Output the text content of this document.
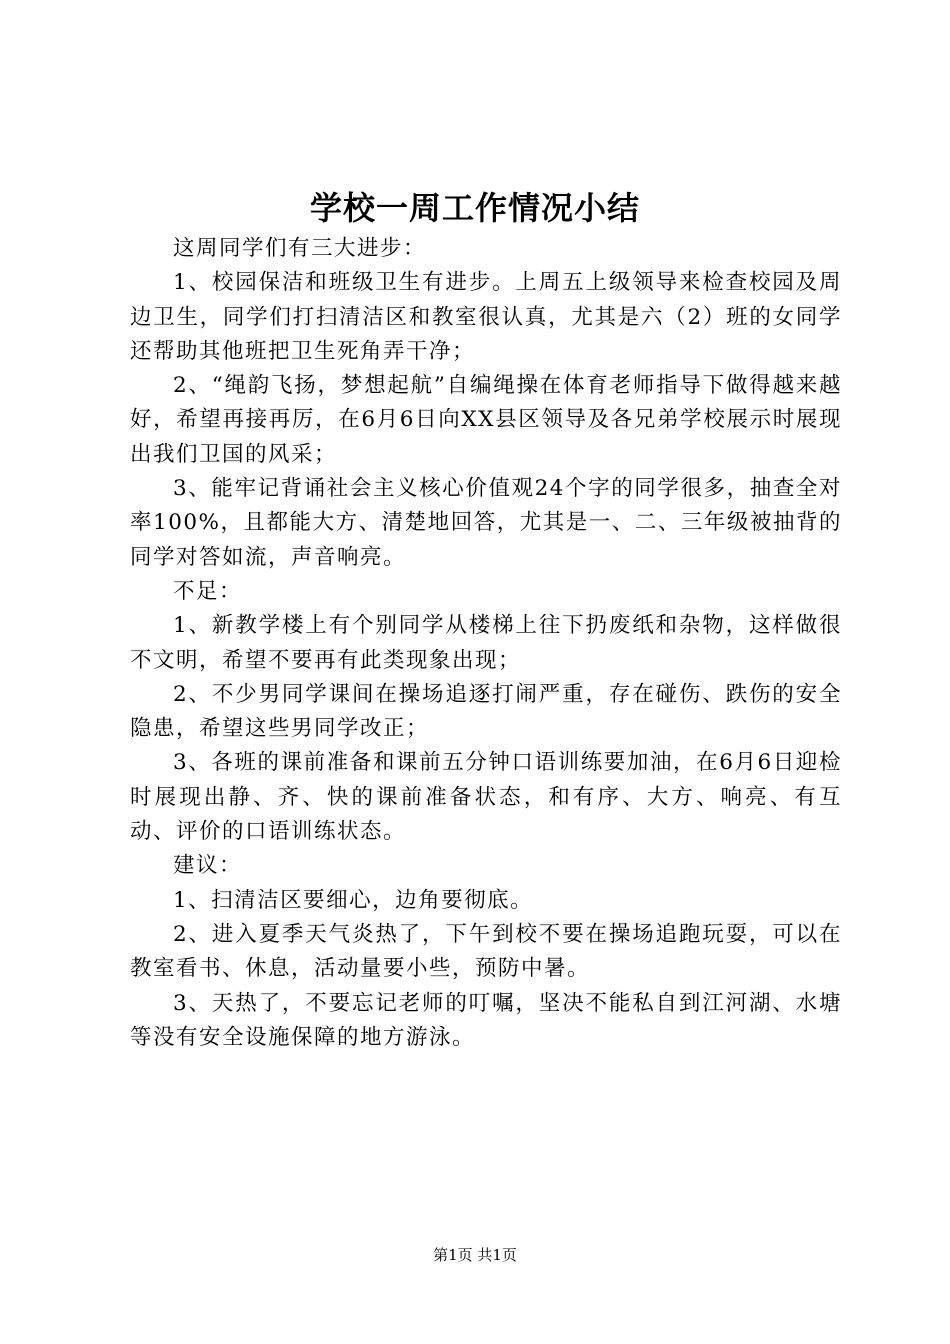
学校一周工作情况小结

这周同学们有三大进步：

1、校园保洁和班级卫生有进步。上周五上级领导来检查校园及周边卫生，同学们打扫清洁区和教室很认真，尤其是六（2）班的女同学还帮助其他班把卫生死角弄干净；

2、“绳韵飞扬，梦想起航”自编绳操在体育老师指导下做得越来越好，希望再接再厉，在6月6日向XX县区领导及各兄弟学校展示时展现出我们卫国的风采；

3、能牢记背诵社会主义核心价值观24个字的同学很多，抽查全对率100%，且都能大方、清楚地回答，尤其是一、二、三年级被抽背的同学对答如流，声音响亮。

不足：

1、新教学楼上有个别同学从楼梯上往下扔废纸和杂物，这样做很不文明，希望不要再有此类现象出现；

2、不少男同学课间在操场追逐打闹严重，存在碰伤、跌伤的安全隐患，希望这些男同学改正；

3、各班的课前准备和课前五分钟口语训练要加油，在6月6日迎检时展现出静、齐、快的课前准备状态，和有序、大方、响亮、有互动、评价的口语训练状态。

建议：

1、扫清洁区要细心，边角要彻底。

2、进入夏季天气炎热了，下午到校不要在操场追跑玩耍，可以在教室看书、休息，活动量要小些，预防中暑。

3、天热了，不要忘记老师的叮嘱，坚决不能私自到江河湖、水塘等没有安全设施保障的地方游泳。

第1页 共1页
